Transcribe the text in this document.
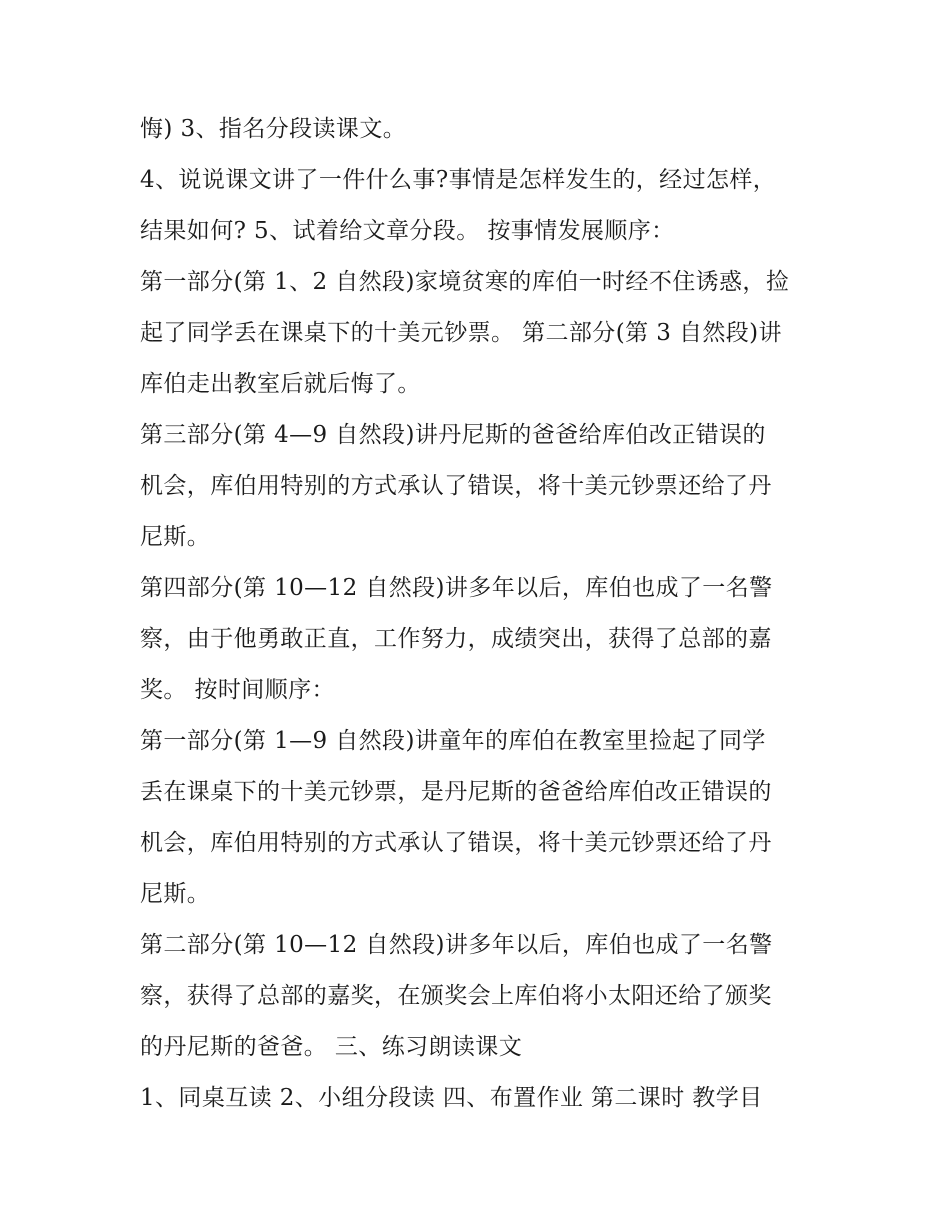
悔) 3、指名分段读课文。
4、说说课文讲了一件什么事?事情是怎样发生的，经过怎样，
结果如何? 5、试着给文章分段。 按事情发展顺序：
第一部分(第 1、2 自然段)家境贫寒的库伯一时经不住诱惑，捡
起了同学丢在课桌下的十美元钞票。 第二部分(第 3 自然段)讲
库伯走出教室后就后悔了。
第三部分(第 4—9 自然段)讲丹尼斯的爸爸给库伯改正错误的
机会，库伯用特别的方式承认了错误，将十美元钞票还给了丹
尼斯。
第四部分(第 10—12 自然段)讲多年以后，库伯也成了一名警
察，由于他勇敢正直，工作努力，成绩突出，获得了总部的嘉
奖。 按时间顺序：
第一部分(第 1—9 自然段)讲童年的库伯在教室里捡起了同学
丢在课桌下的十美元钞票，是丹尼斯的爸爸给库伯改正错误的
机会，库伯用特别的方式承认了错误，将十美元钞票还给了丹
尼斯。
第二部分(第 10—12 自然段)讲多年以后，库伯也成了一名警
察，获得了总部的嘉奖，在颁奖会上库伯将小太阳还给了颁奖
的丹尼斯的爸爸。 三、练习朗读课文
1、同桌互读 2、小组分段读 四、布置作业 第二课时 教学目
